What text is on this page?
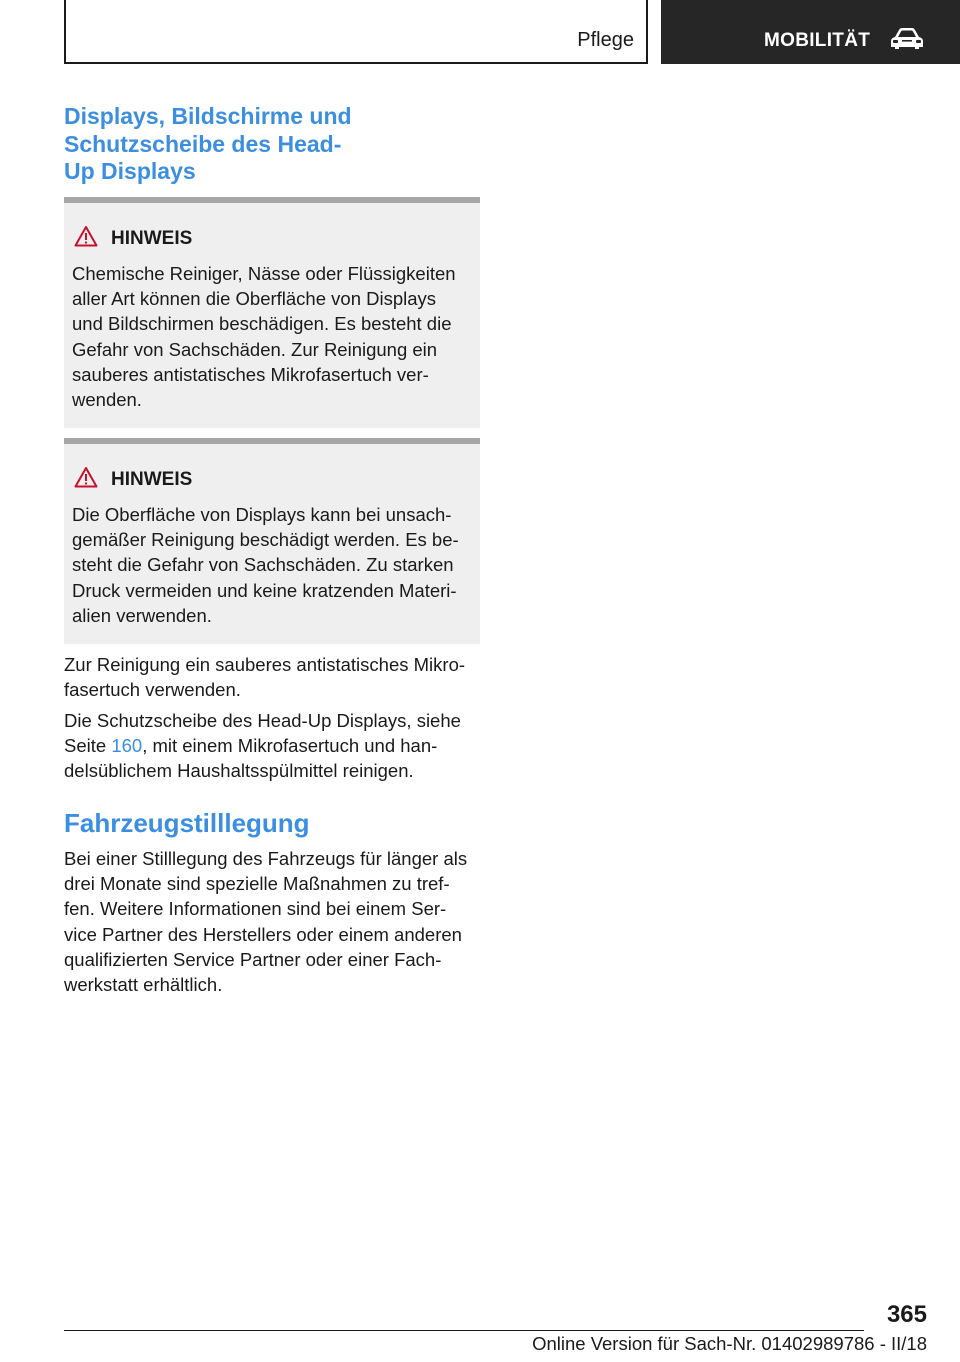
Pflege	MOBILITÄT
Displays, Bildschirme und
Schutzscheibe des Head-
Up Displays
HINWEIS
Chemische Reiniger, Nässe oder Flüssigkeiten
aller Art können die Oberfläche von Displays
und Bildschirmen beschädigen. Es besteht die
Gefahr von Sachschäden. Zur Reinigung ein
sauberes antistatisches Mikrofasertuch ver-
wenden.
HINWEIS
Die Oberfläche von Displays kann bei unsach-
gemäßer Reinigung beschädigt werden. Es be-
steht die Gefahr von Sachschäden. Zu starken
Druck vermeiden und keine kratzenden Materi-
alien verwenden.
Zur Reinigung ein sauberes antistatisches Mikro-
fasertuch verwenden.
Die Schutzscheibe des Head-Up Displays, siehe
Seite 160, mit einem Mikrofasertuch und han-
delsüblichem Haushaltsspülmittel reinigen.
Fahrzeugstilllegung
Bei einer Stilllegung des Fahrzeugs für länger als
drei Monate sind spezielle Maßnahmen zu tref-
fen. Weitere Informationen sind bei einem Ser-
vice Partner des Herstellers oder einem anderen
qualifizierten Service Partner oder einer Fach-
werkstatt erhältlich.
365
Online Version für Sach-Nr. 01402989786 - II/18
